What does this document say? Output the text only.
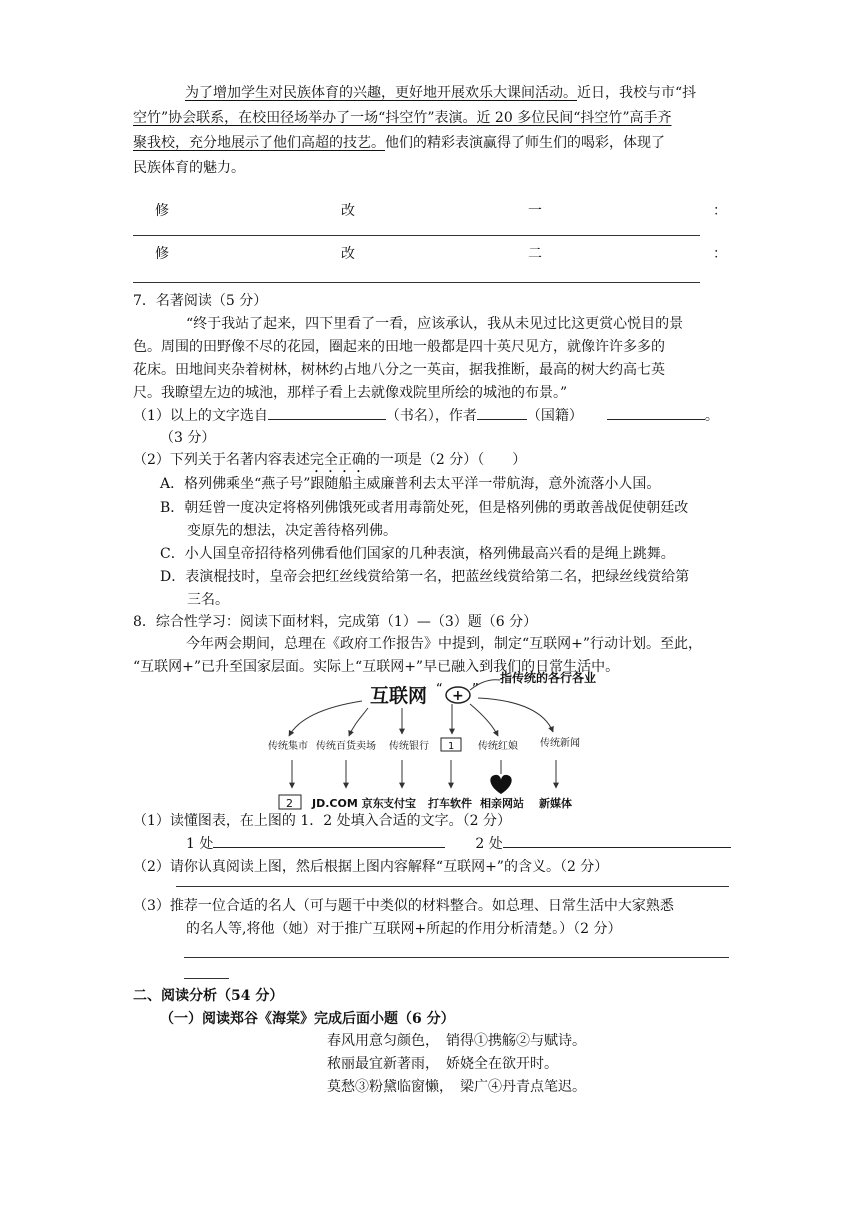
为了增加学生对民族体育的兴趣，更好地开展欢乐大课间活动。近日，我校与市“抖
空竹”协会联系，在校田径场举办了一场“抖空竹”表演。近 20 多位民间“抖空竹”高手齐
聚我校，充分地展示了他们高超的技艺。他们的精彩表演赢得了师生们的喝彩，体现了
民族体育的魅力。
修	改	一	：
修	改	二	：
7．名著阅读（5 分）
“终于我站了起来，四下里看了一看，应该承认，我从未见过比这更赏心悦目的景
色。周围的田野像不尽的花园，圈起来的田地一般都是四十英尺见方，就像许许多多的
花床。田地间夹杂着树林，树林约占地八分之一英亩，据我推断，最高的树大约高七英
尺。我瞭望左边的城池，那样子看上去就像戏院里所绘的城池的布景。”
（1）以上的文字选自	（书名），作者	（国籍）	。
（3 分）
（2）下列关于名著内容表述完全正确的一项是（2 分）（　　）
A．格列佛乘坐“燕子号”跟随船主威廉普利去太平洋一带航海，意外流落小人国。
B．朝廷曾一度决定将格列佛饿死或者用毒箭处死，但是格列佛的勇敢善战促使朝廷改
变原先的想法，决定善待格列佛。
C．小人国皇帝招待格列佛看他们国家的几种表演，格列佛最高兴看的是绳上跳舞。
D．表演棍技时，皇帝会把红丝线赏给第一名，把蓝丝线赏给第二名，把绿丝线赏给第
三名。
8．综合性学习：阅读下面材料，完成第（1）—（3）题（6 分）
今年两会期间，总理在《政府工作报告》中提到，制定“互联网+”行动计划。至此，
“互联网+”已升至国家层面。实际上“互联网+”早已融入到我们的日常生活中。
互联网 “ + ”
指传统的各行各业
传统集市 传统百货卖场 传统银行 1 传统红娘 传统新闻
2 JD.COM 京东 支付宝 打车软件 相亲网站 新媒体
（1）读懂图表，在上图的 1．2 处填入合适的文字。（2 分）
1 处	2 处
（2）请你认真阅读上图，然后根据上图内容解释“互联网+”的含义。（2 分）
（3）推荐一位合适的名人（可与题干中类似的材料整合。如总理、日常生活中大家熟悉
的名人等,将他（她）对于推广互联网+所起的作用分析清楚。）（2 分）
二、阅读分析（54 分）
（一）阅读郑谷《海棠》完成后面小题（6 分）
春风用意匀颜色，　销得①携觞②与赋诗。
秾丽最宜新著雨，　娇娆全在欲开时。
莫愁③粉黛临窗懒，　梁广④丹青点笔迟。
